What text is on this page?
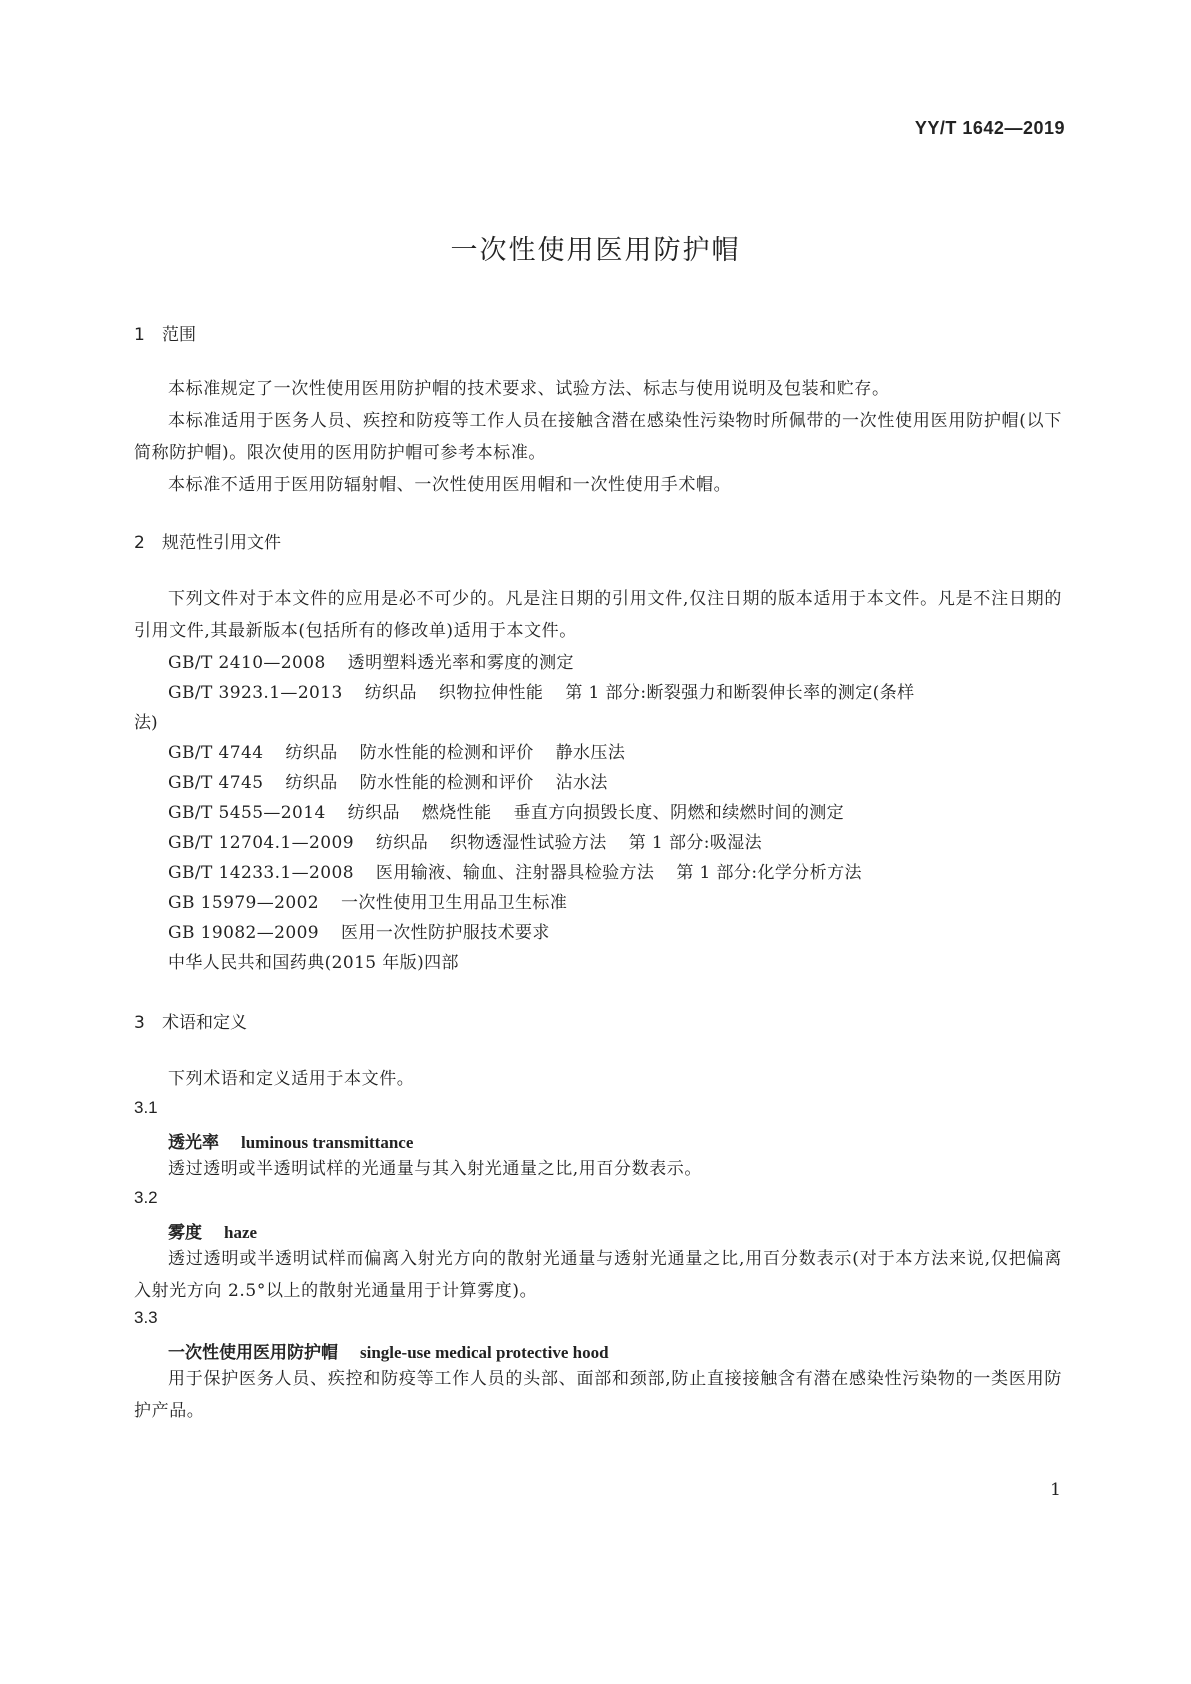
YY/T 1642—2019
一次性使用医用防护帽
1 范围
本标准规定了一次性使用医用防护帽的技术要求、试验方法、标志与使用说明及包装和贮存。
本标准适用于医务人员、疾控和防疫等工作人员在接触含潜在感染性污染物时所佩带的一次性使用医用防护帽(以下简称防护帽)。限次使用的医用防护帽可参考本标准。
本标准不适用于医用防辐射帽、一次性使用医用帽和一次性使用手术帽。
2 规范性引用文件
下列文件对于本文件的应用是必不可少的。凡是注日期的引用文件,仅注日期的版本适用于本文件。凡是不注日期的引用文件,其最新版本(包括所有的修改单)适用于本文件。
GB/T 2410—2008 透明塑料透光率和雾度的测定
GB/T 3923.1—2013 纺织品 织物拉伸性能 第 1 部分:断裂强力和断裂伸长率的测定(条样
法)
GB/T 4744 纺织品 防水性能的检测和评价 静水压法
GB/T 4745 纺织品 防水性能的检测和评价 沾水法
GB/T 5455—2014 纺织品 燃烧性能 垂直方向损毁长度、阴燃和续燃时间的测定
GB/T 12704.1—2009 纺织品 织物透湿性试验方法 第 1 部分:吸湿法
GB/T 14233.1—2008 医用输液、输血、注射器具检验方法 第 1 部分:化学分析方法
GB 15979—2002 一次性使用卫生用品卫生标准
GB 19082—2009 医用一次性防护服技术要求
中华人民共和国药典(2015 年版)四部
3 术语和定义
下列术语和定义适用于本文件。
3.1
透光率 luminous transmittance
透过透明或半透明试样的光通量与其入射光通量之比,用百分数表示。
3.2
雾度 haze
透过透明或半透明试样而偏离入射光方向的散射光通量与透射光通量之比,用百分数表示(对于本方法来说,仅把偏离入射光方向 2.5°以上的散射光通量用于计算雾度)。
3.3
一次性使用医用防护帽 single-use medical protective hood
用于保护医务人员、疾控和防疫等工作人员的头部、面部和颈部,防止直接接触含有潜在感染性污染物的一类医用防护产品。
1
